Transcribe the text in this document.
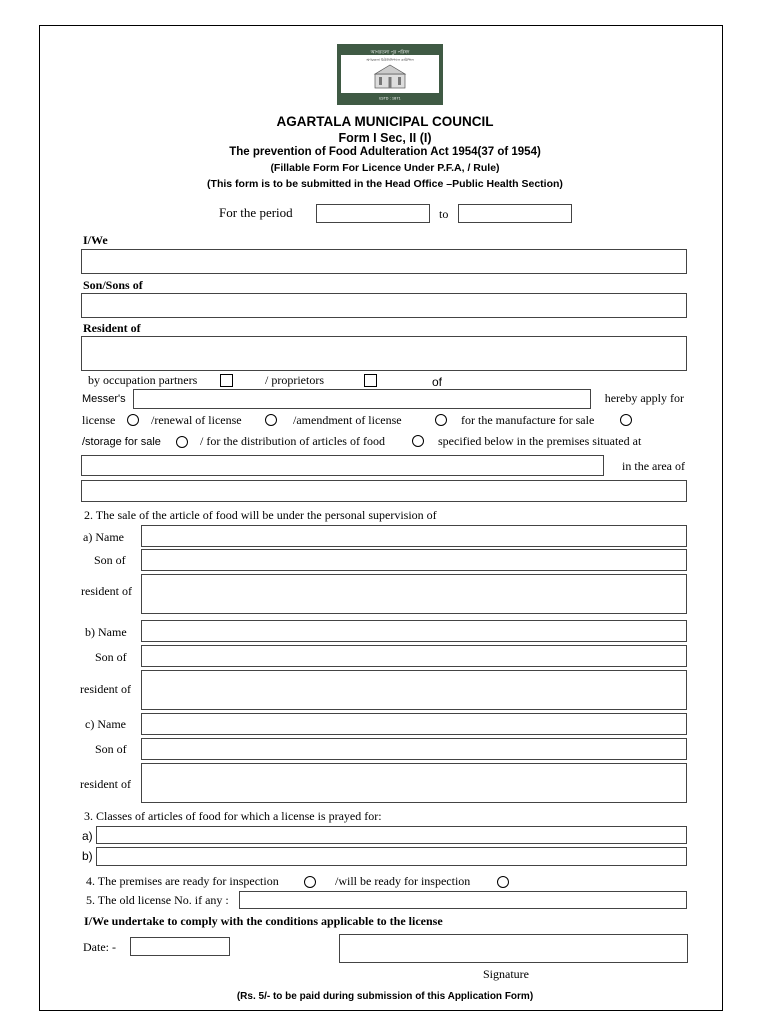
আগরতলা পুর পরিষদ
অগরতলা মিউনিসিপ্যাল কাউন্সিল
ESTD : 1871
AGARTALA MUNICIPAL COUNCIL
Form I Sec, II (I)
The prevention of Food Adulteration Act 1954(37 of 1954)
(Fillable Form For Licence Under P.F.A, / Rule)
(This form is to be submitted in the Head Office –Public Health Section)
For the period	to
I/We
Son/Sons of
Resident of
by occupation partners	/ proprietors	of
Messer's	hereby apply for
license	/renewal of license	/amendment of license	for the manufacture for sale
/storage for sale	/ for the distribution of articles of food	specified below in the premises situated at
in the area of
2. The sale of the article of food will be under the personal supervision of
a) Name
Son of
resident of
b) Name
Son of
resident of
c) Name
Son of
resident of
3. Classes of articles of food for which a license is prayed for:
a)
b)
4. The premises are ready for inspection	/will be ready for inspection
5. The old license No. if any :
I/We undertake to comply with the conditions applicable to the license
Date: -
Signature
(Rs. 5/- to be paid during submission of this Application Form)
